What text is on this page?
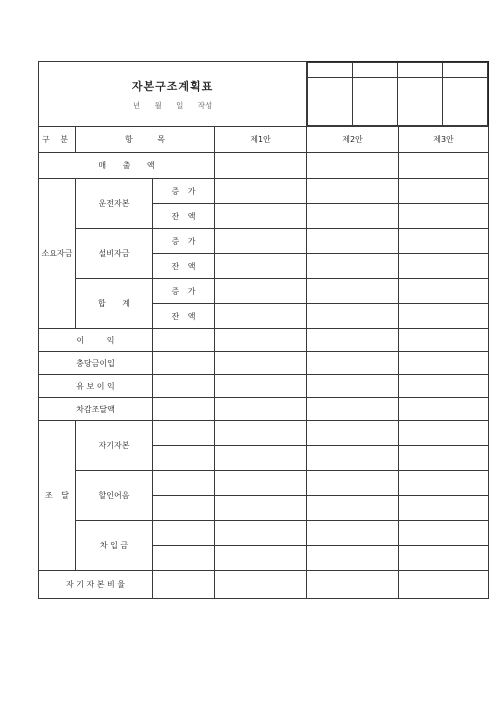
자본구조계획표
년 월 일 작성

구 분	항 목	제1안	제2안	제3안
매 출 액			
소요자금	운전자본	증 가			
잔 액			
설비자금	증 가			
잔 액			
합 계	증 가			
잔 액			
이 익				
충당금이입				
유 보 이 익				
차감조달액				
조 달	자기자본				

할인어음				

차 입 금				

자 기 자 본 비 율				
